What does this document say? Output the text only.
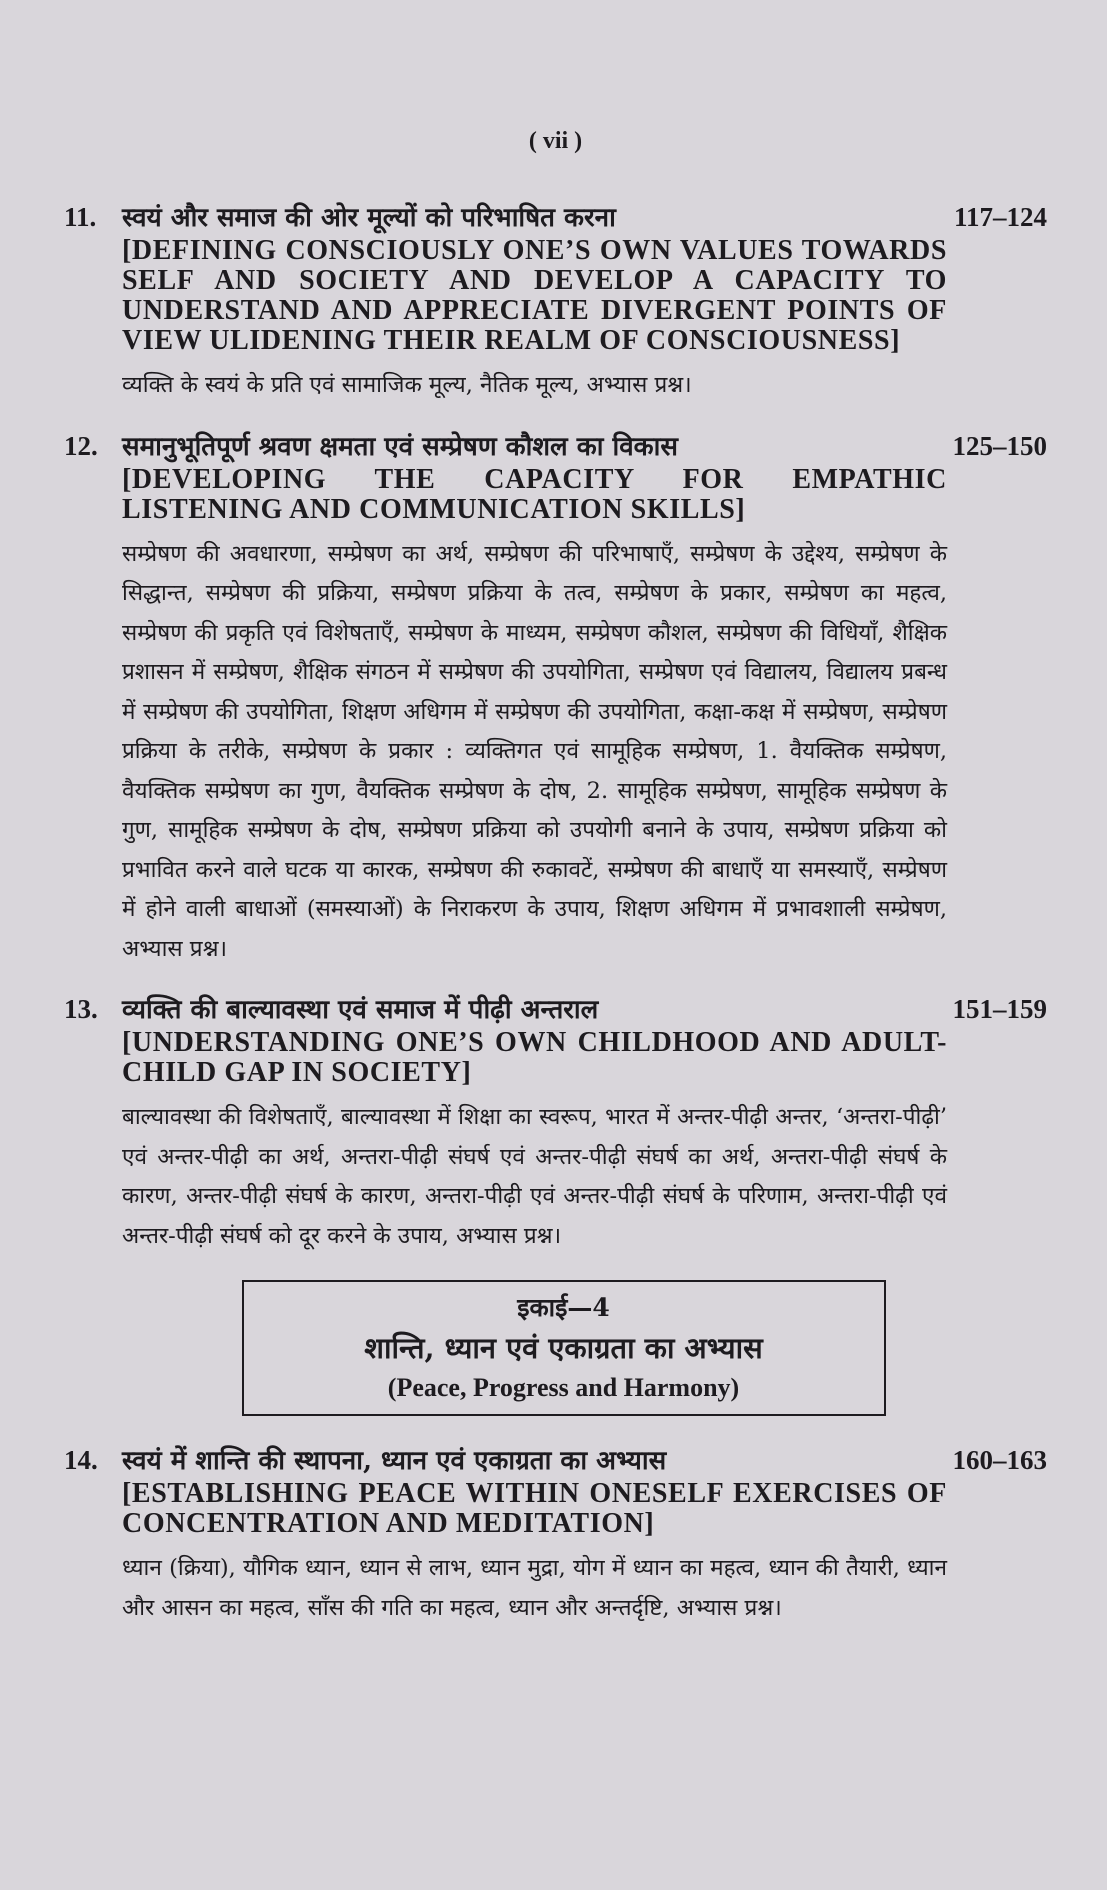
( vii )
11. स्वयं और समाज की ओर मूल्यों को परिभाषित करना	117–124
[DEFINING CONSCIOUSLY ONE’S OWN VALUES TOWARDS SELF AND SOCIETY AND DEVELOP A CAPACITY TO UNDERSTAND AND APPRECIATE DIVERGENT POINTS OF VIEW ULIDENING THEIR REALM OF CONSCIOUSNESS]
व्यक्ति के स्वयं के प्रति एवं सामाजिक मूल्य, नैतिक मूल्य, अभ्यास प्रश्न।
12. समानुभूतिपूर्ण श्रवण क्षमता एवं सम्प्रेषण कौशल का विकास	125–150
[DEVELOPING THE CAPACITY FOR EMPATHIC LISTENING AND COMMUNICATION SKILLS]
सम्प्रेषण की अवधारणा, सम्प्रेषण का अर्थ, सम्प्रेषण की परिभाषाएँ, सम्प्रेषण के उद्देश्य, सम्प्रेषण के सिद्धान्त, सम्प्रेषण की प्रक्रिया, सम्प्रेषण प्रक्रिया के तत्व, सम्प्रेषण के प्रकार, सम्प्रेषण का महत्व, सम्प्रेषण की प्रकृति एवं विशेषताएँ, सम्प्रेषण के माध्यम, सम्प्रेषण कौशल, सम्प्रेषण की विधियाँ, शैक्षिक प्रशासन में सम्प्रेषण, शैक्षिक संगठन में सम्प्रेषण की उपयोगिता, सम्प्रेषण एवं विद्यालय, विद्यालय प्रबन्ध में सम्प्रेषण की उपयोगिता, शिक्षण अधिगम में सम्प्रेषण की उपयोगिता, कक्षा-कक्ष में सम्प्रेषण, सम्प्रेषण प्रक्रिया के तरीके, सम्प्रेषण के प्रकार : व्यक्तिगत एवं सामूहिक सम्प्रेषण, 1. वैयक्तिक सम्प्रेषण, वैयक्तिक सम्प्रेषण का गुण, वैयक्तिक सम्प्रेषण के दोष, 2. सामूहिक सम्प्रेषण, सामूहिक सम्प्रेषण के गुण, सामूहिक सम्प्रेषण के दोष, सम्प्रेषण प्रक्रिया को उपयोगी बनाने के उपाय, सम्प्रेषण प्रक्रिया को प्रभावित करने वाले घटक या कारक, सम्प्रेषण की रुकावटें, सम्प्रेषण की बाधाएँ या समस्याएँ, सम्प्रेषण में होने वाली बाधाओं (समस्याओं) के निराकरण के उपाय, शिक्षण अधिगम में प्रभावशाली सम्प्रेषण, अभ्यास प्रश्न।
13. व्यक्ति की बाल्यावस्था एवं समाज में पीढ़ी अन्तराल	151–159
[UNDERSTANDING ONE’S OWN CHILDHOOD AND ADULT-CHILD GAP IN SOCIETY]
बाल्यावस्था की विशेषताएँ, बाल्यावस्था में शिक्षा का स्वरूप, भारत में अन्तर-पीढ़ी अन्तर, ‘अन्तरा-पीढ़ी’ एवं अन्तर-पीढ़ी का अर्थ, अन्तरा-पीढ़ी संघर्ष एवं अन्तर-पीढ़ी संघर्ष का अर्थ, अन्तरा-पीढ़ी संघर्ष के कारण, अन्तर-पीढ़ी संघर्ष के कारण, अन्तरा-पीढ़ी एवं अन्तर-पीढ़ी संघर्ष के परिणाम, अन्तरा-पीढ़ी एवं अन्तर-पीढ़ी संघर्ष को दूर करने के उपाय, अभ्यास प्रश्न।
इकाई—4
शान्ति, ध्यान एवं एकाग्रता का अभ्यास
(Peace, Progress and Harmony)
14. स्वयं में शान्ति की स्थापना, ध्यान एवं एकाग्रता का अभ्यास	160–163
[ESTABLISHING PEACE WITHIN ONESELF EXERCISES OF CONCENTRATION AND MEDITATION]
ध्यान (क्रिया), यौगिक ध्यान, ध्यान से लाभ, ध्यान मुद्रा, योग में ध्यान का महत्व, ध्यान की तैयारी, ध्यान और आसन का महत्व, साँस की गति का महत्व, ध्यान और अन्तर्दृष्टि, अभ्यास प्रश्न।
